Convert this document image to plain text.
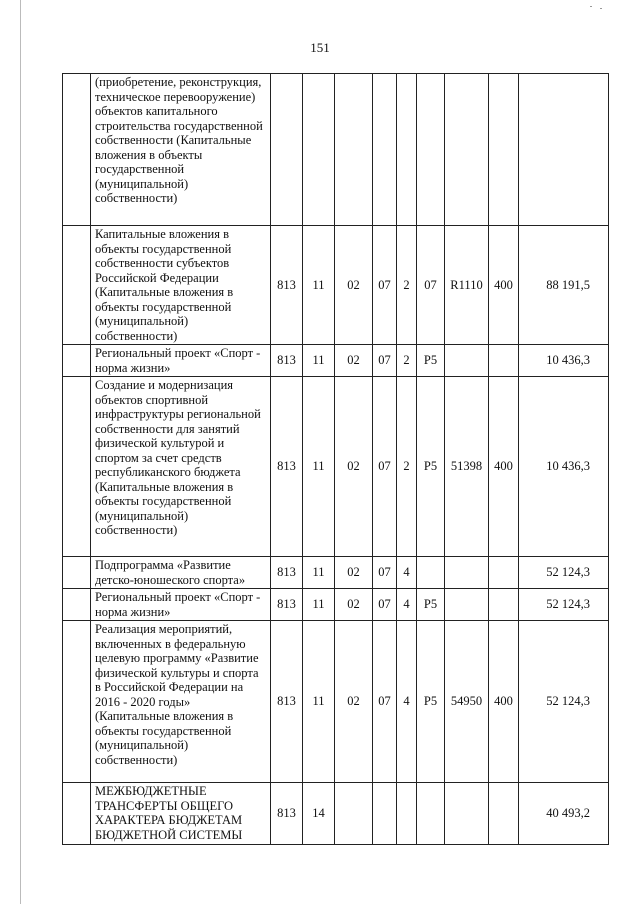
151
	(приобретение, реконструкция, техническое перевооружение) объектов капитального строительства государственной собственности (Капитальные вложения в объекты государственной (муниципальной) собственности)									
	Капитальные вложения в объекты государственной собственности субъектов Российской Федерации (Капитальные вложения в объекты государственной (муниципальной) собственности)	813	11	02	07	2	07	R1110	400	88 191,5
	Региональный проект «Спорт - норма жизни»	813	11	02	07	2	P5			10 436,3
	Создание и модернизация объектов спортивной инфраструктуры региональной собственности для занятий физической культурой и спортом за счет средств республиканского бюджета (Капитальные вложения в объекты государственной (муниципальной) собственности)	813	11	02	07	2	P5	51398	400	10 436,3
	Подпрограмма «Развитие детско-юношеского спорта»	813	11	02	07	4				52 124,3
	Региональный проект «Спорт - норма жизни»	813	11	02	07	4	P5			52 124,3
	Реализация мероприятий, включенных в федеральную целевую программу «Развитие физической культуры и спорта в Российской Федерации на 2016 - 2020 годы» (Капитальные вложения в объекты государственной (муниципальной) собственности)	813	11	02	07	4	P5	54950	400	52 124,3
	МЕЖБЮДЖЕТНЫЕ ТРАНСФЕРТЫ ОБЩЕГО ХАРАКТЕРА БЮДЖЕТАМ БЮДЖЕТНОЙ СИСТЕМЫ	813	14							40 493,2
